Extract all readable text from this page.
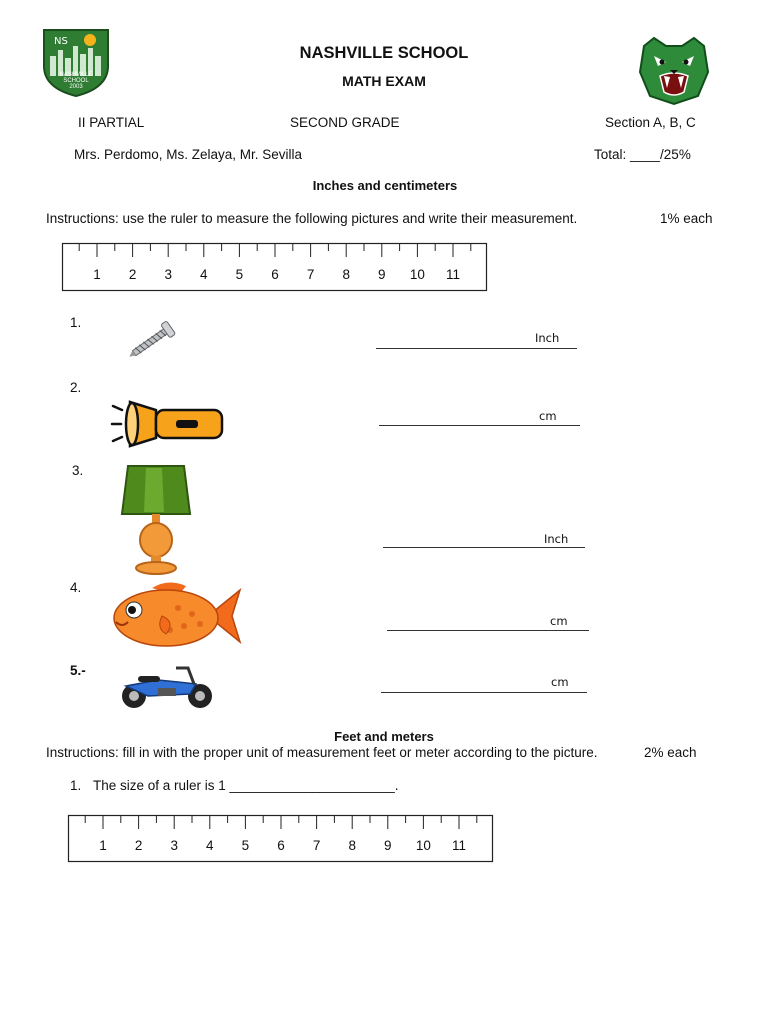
NS
NASHVILLE
SCHOOL
2003
NASHVILLE SCHOOL
MATH EXAM
II PARTIAL	SECOND GRADE	Section A, B, C
Mrs. Perdomo, Ms. Zelaya, Mr. Sevilla	Total: ____/25%
Inches and centimeters
Instructions: use the ruler to measure the following pictures and write their measurement.	1% each
1 2 3 4 5 6 7 8 9 10 11
1.
Inch
2.
cm
3.
Inch
4.
cm
5.-
cm
Feet and meters
Instructions: fill in with the proper unit of measurement feet or meter according to the picture.	2% each
1. The size of a ruler is 1 ______________________.
1 2 3 4 5 6 7 8 9 10 11
